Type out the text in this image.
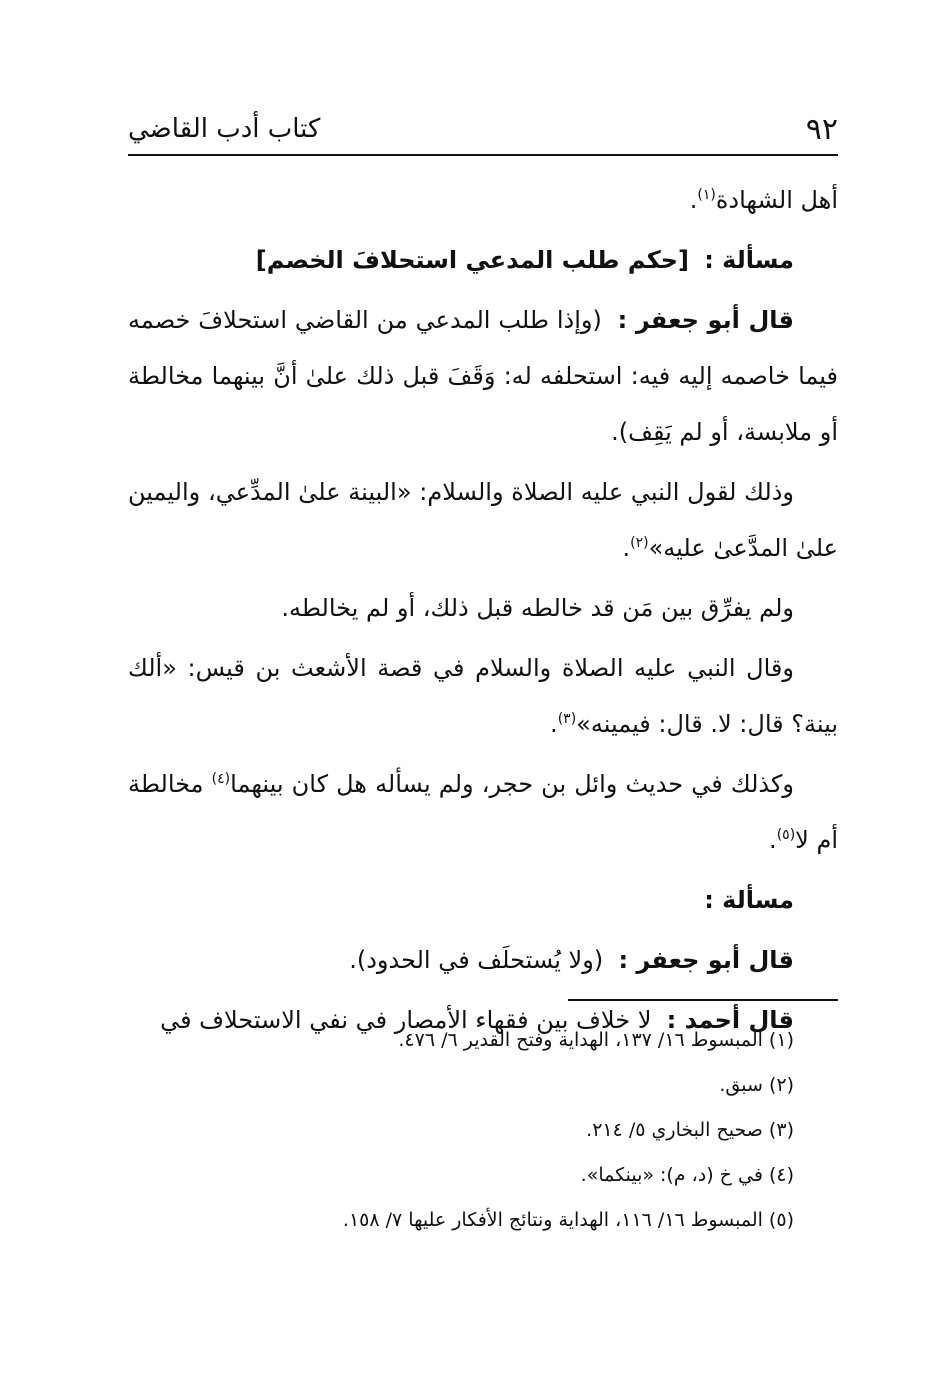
٩٢
كتاب أدب القاضي

أهل الشهادة$^{(١)}$.

مسألة :  [حكم طلب المدعي استحلافَ الخصم]

قال أبو جعفر :  (وإذا طلب المدعي من القاضي استحلافَ خصمه فيما خاصمه إليه فيه: استحلفه له: وَقَفَ قبل ذلك علىٰ أنَّ بينهما مخالطة أو ملابسة، أو لم يَقِف).

وذلك لقول النبي عليه الصلاة والسلام: «البينة علىٰ المدِّعي، واليمين علىٰ المدَّعىٰ عليه»$^{(٢)}$.

ولم يفرِّق بين مَن قد خالطه قبل ذلك، أو لم يخالطه.

وقال النبي عليه الصلاة والسلام في قصة الأشعث بن قيس: «ألك بينة؟ قال: لا. قال: فيمينه»$^{(٣)}$.

وكذلك في حديث وائل بن حجر، ولم يسأله هل كان بينهما$^{(٤)}$ مخالطة أم لا$^{(٥)}$.

مسألة :

قال أبو جعفر :  (ولا يُستحلَف في الحدود).

قال أحمد :  لا خلاف بين فقهاء الأمصار في نفي الاستحلاف في

(١) المبسوط ١٦/ ١٣٧، الهداية وفتح القدير ٦/ ٤٧٦.

(٢) سبق.

(٣) صحيح البخاري ٥/ ٢١٤.

(٤) في خ (د، م): «بينكما».

(٥) المبسوط ١٦/ ١١٦، الهداية ونتائج الأفكار عليها ٧/ ١٥٨.
